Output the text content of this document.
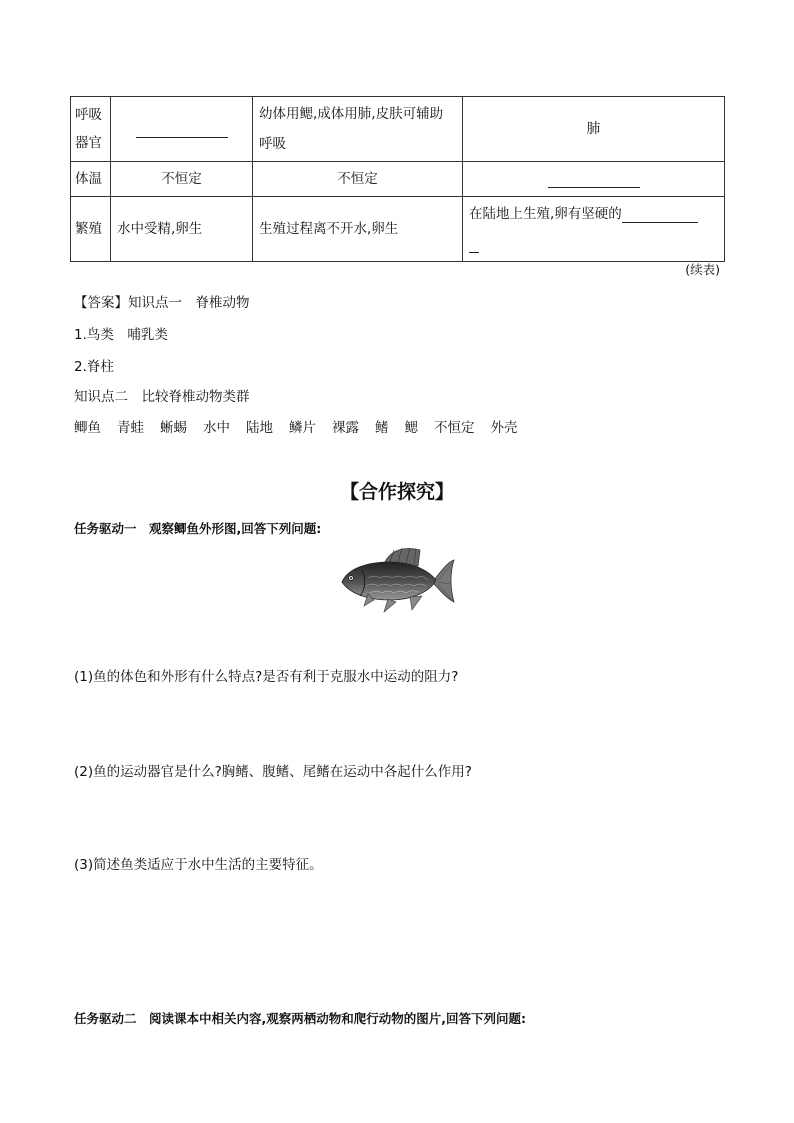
呼吸
器官		幼体用鳃,成体用肺,皮肤可辅助呼吸	肺
体温	不恒定	不恒定	
繁殖	水中受精,卵生	生殖过程离不开水,卵生	在陆地上生殖,卵有坚硬的

(续表)
【答案】知识点一　脊椎动物
1.鸟类　哺乳类
2.脊柱
知识点二　比较脊椎动物类群
鲫鱼 青蛙 蜥蜴 水中 陆地 鳞片 裸露 鳍 鳃 不恒定 外壳
【合作探究】
任务驱动一　观察鲫鱼外形图,回答下列问题:
(1)鱼的体色和外形有什么特点?是否有利于克服水中运动的阻力?
(2)鱼的运动器官是什么?胸鳍、腹鳍、尾鳍在运动中各起什么作用?
(3)简述鱼类适应于水中生活的主要特征。
任务驱动二　阅读课本中相关内容,观察两栖动物和爬行动物的图片,回答下列问题:
